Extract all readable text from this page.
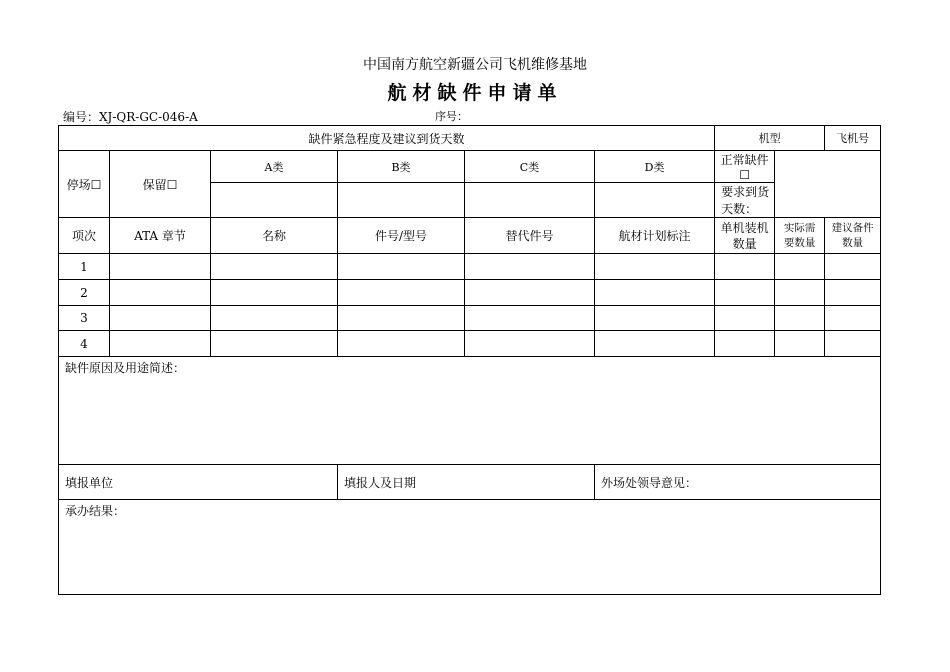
中国南方航空新疆公司飞机维修基地
航材缺件申请单
编号：XJ-QR-GC-046-A	序号：
缺件紧急程度及建议到货天数						机型		飞机号	
停场☐	保留☐	A类	B类	C类	D类	正常缺件☐			
						要求到货天数：			
项次	ATA 章节	名称	件号/型号	替代件号	航材计划标注	单机装机数量	实际需要数量	建议备件数量	
1									
2									
3									
4									
缺件原因及用途简述：									
填报单位			填报人及日期		外场处领导意见：				
承办结果：									
